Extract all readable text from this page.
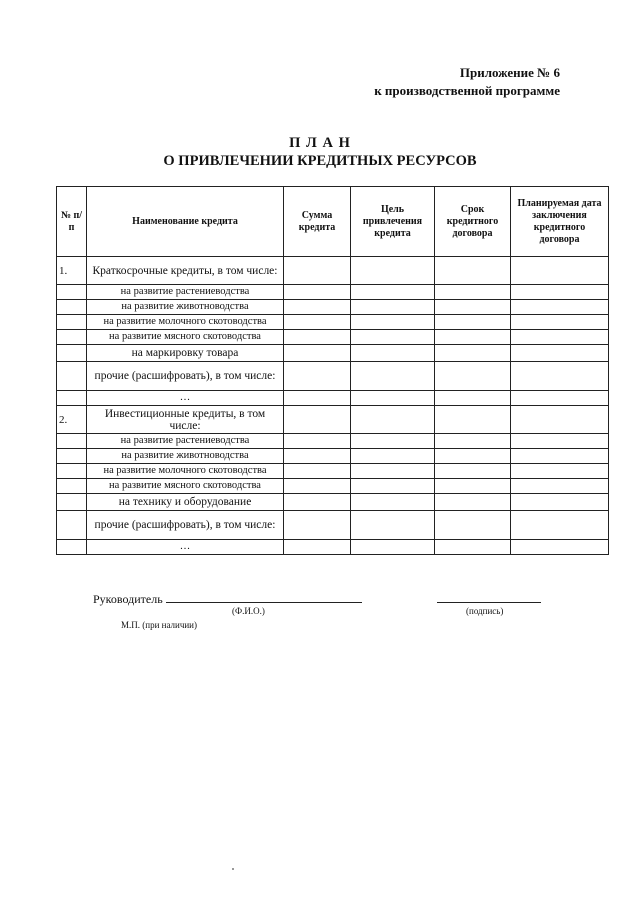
Приложение № 6
к производственной программе
П Л А Н
О ПРИВЛЕЧЕНИИ КРЕДИТНЫХ РЕСУРСОВ
№ п/п	Наименование кредита	Сумма кредита	Цель привлечения кредита	Срок кредитного договора	Планируемая дата заключения кредитного договора
1.	Краткосрочные кредиты, в том числе:				
	на развитие растениеводства				
	на развитие животноводства				
	на развитие молочного скотоводства				
	на развитие мясного скотоводства				
	на маркировку товара				
	прочие (расшифровать), в том числе:				
	…				
2.	Инвестиционные кредиты, в том числе:				
	на развитие растениеводства				
	на развитие животноводства				
	на развитие молочного скотоводства				
	на развитие мясного скотоводства				
	на технику и оборудование				
	прочие (расшифровать), в том числе:				
	…				
Руководитель
(Ф.И.О.)	(подпись)
М.П. (при наличии)
